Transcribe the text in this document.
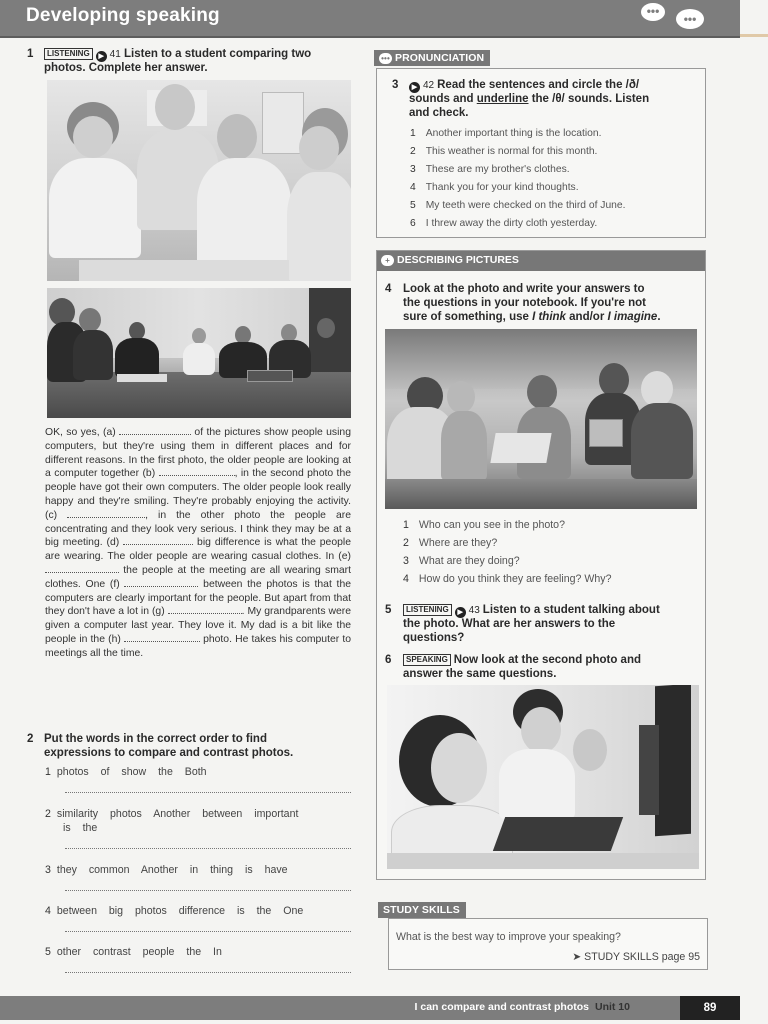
Developing speaking	•••
•••
1	LISTENING ▶ 41 Listen to a student comparing two
photos. Complete her answer.
OK, so yes, (a)	of the pictures show people using computers, but they're using them in different places and for different reasons. In the first photo, the older people are looking at a computer together (b)	, in the second photo the people have got their own computers. The older people look really happy and they're smiling. They're probably enjoying the activity. (c)	, in the other photo the people are concentrating and they look very serious. I think they may be at a big meeting. (d)	big difference is what the people are wearing. The older people are wearing casual clothes. In (e)  the people at the meeting are all wearing smart clothes. One (f)	between the photos is that the computers are clearly important for the people. But apart from that they don't have a lot in (g)	. My grandparents were given a computer last year. They love it. My dad is a bit like the people in the (h)	photo. He takes his computer to meetings all the time.
2 Put the words in the correct order to find
expressions to compare and contrast photos.
1 photos of show the Both
2 similarity photos Another between important
is the
3 they common Another in thing is have
4 between big photos difference is the One
5 other contrast people the In
••• PRONUNCIATION
3	▶ 42 Read the sentences and circle the /ð/
sounds and underline the /θ/ sounds. Listen
and check.
1 Another important thing is the location.
2 This weather is normal for this month.
3 These are my brother's clothes.
4 Thank you for your kind thoughts.
5 My teeth were checked on the third of June.
6 I threw away the dirty cloth yesterday.
+ DESCRIBING PICTURES
4 Look at the photo and write your answers to
the questions in your notebook. If you're not
sure of something, use I think and/or I imagine.
1 Who can you see in the photo?
2 Where are they?
3 What are they doing?
4 How do you think they are feeling? Why?
5	LISTENING ▶ 43 Listen to a student talking about
the photo. What are her answers to the
questions?
6	SPEAKING Now look at the second photo and
answer the same questions.
STUDY SKILLS
What is the best way to improve your speaking?
➤ STUDY SKILLS page 95
I can compare and contrast photos Unit 10	89
